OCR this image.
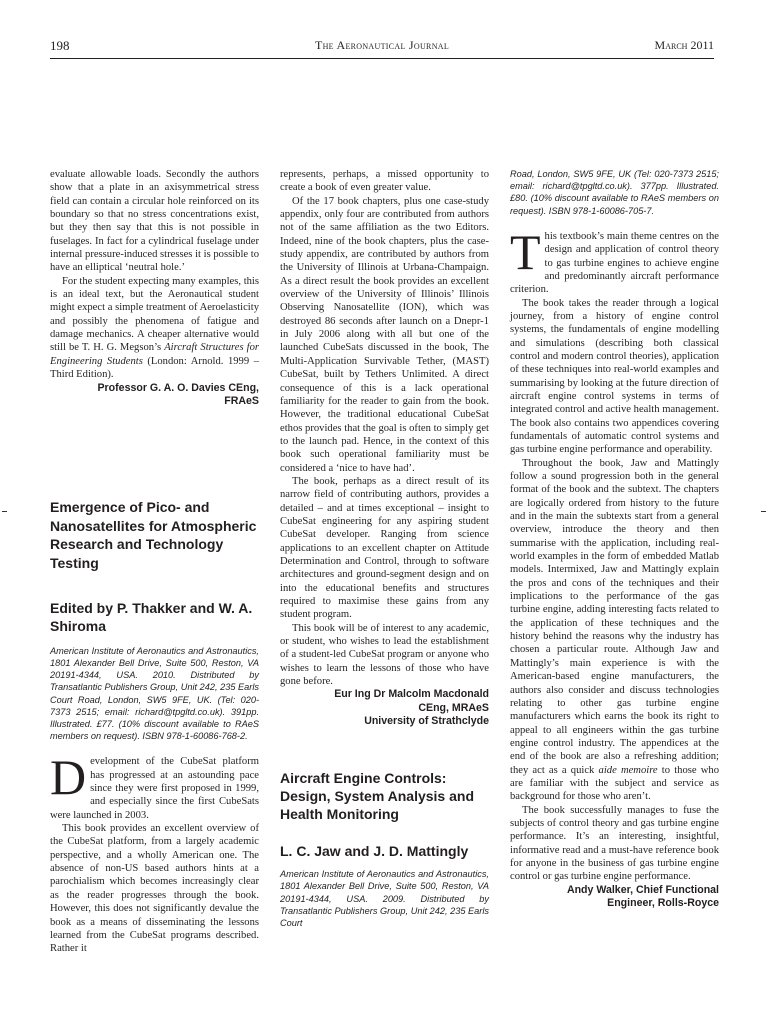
198	The Aeronautical Journal	March 2011

evaluate allowable loads. Secondly the authors show that a plate in an axisymmetrical stress field can contain a circular hole reinforced on its boundary so that no stress concentrations exist, but they then say that this is not possible in fuselages. In fact for a cylindrical fuselage under internal pressure-induced stresses it is possible to have an elliptical ‘neutral hole.’

For the student expecting many examples, this is an ideal text, but the Aeronautical student might expect a simple treatment of Aeroelasticity and possibly the phenomena of fatigue and damage mechanics. A cheaper alternative would still be T. H. G. Megson’s Aircraft Structures for Engineering Students (London: Arnold. 1999 – Third Edition).

Professor G. A. O. Davies CEng,
FRAeS

Emergence of Pico- and Nanosatellites for Atmospheric Research and Technology Testing
Edited by P. Thakker and W. A. Shiroma

American Institute of Aeronautics and Astronautics, 1801 Alexander Bell Drive, Suite 500, Reston, VA 20191-4344, USA. 2010. Distributed by Transatlantic Publishers Group, Unit 242, 235 Earls Court Road, London, SW5 9FE, UK. (Tel: 020-7373 2515; email: richard@tpgltd.co.uk). 391pp. Illustrated. £77. (10% discount available to RAeS members on request). ISBN 978-1-60086-768-2.

Development of the CubeSat platform has progressed at an astounding pace since they were first proposed in 1999, and especially since the first CubeSats were launched in 2003.

This book provides an excellent overview of the CubeSat platform, from a largely academic perspective, and a wholly American one. The absence of non-US based authors hints at a parochialism which becomes increasingly clear as the reader progresses through the book. However, this does not significantly devalue the book as a means of disseminating the lessons learned from the CubeSat programs described. Rather it

represents, perhaps, a missed opportunity to create a book of even greater value.

Of the 17 book chapters, plus one case-study appendix, only four are contributed from authors not of the same affiliation as the two Editors. Indeed, nine of the book chapters, plus the case-study appendix, are contributed by authors from the University of Illinois at Urbana-Champaign. As a direct result the book provides an excellent overview of the University of Illinois’ Illinois Observing Nanosatellite (ION), which was destroyed 86 seconds after launch on a Dnepr-1 in July 2006 along with all but one of the launched CubeSats discussed in the book, The Multi-Application Survivable Tether, (MAST) CubeSat, built by Tethers Unlimited. A direct consequence of this is a lack operational familiarity for the reader to gain from the book. However, the traditional educational CubeSat ethos provides that the goal is often to simply get to the launch pad. Hence, in the context of this book such operational familiarity must be considered a ‘nice to have had’.

The book, perhaps as a direct result of its narrow field of contributing authors, provides a detailed – and at times exceptional – insight to CubeSat engineering for any aspiring student CubeSat developer. Ranging from science applications to an excellent chapter on Attitude Determination and Control, through to software architectures and ground-segment design and on into the educational benefits and structures required to maximise these gains from any student program.

This book will be of interest to any academic, or student, who wishes to lead the establishment of a student-led CubeSat program or anyone who wishes to learn the lessons of those who have gone before.

Eur Ing Dr Malcolm Macdonald
CEng, MRAeS
University of Strathclyde

Aircraft Engine Controls: Design, System Analysis and Health Monitoring
L. C. Jaw and J. D. Mattingly

American Institute of Aeronautics and Astronautics, 1801 Alexander Bell Drive, Suite 500, Reston, VA 20191-4344, USA. 2009. Distributed by Transatlantic Publishers Group, Unit 242, 235 Earls Court

Road, London, SW5 9FE, UK (Tel: 020-7373 2515; email: richard@tpgltd.co.uk). 377pp. Illustrated. £80. (10% discount available to RAeS members on request). ISBN 978-1-60086-705-7.

This textbook’s main theme centres on the design and application of control theory to gas turbine engines to achieve engine and predominantly aircraft performance criterion.

The book takes the reader through a logical journey, from a history of engine control systems, the fundamentals of engine modelling and simulations (describing both classical control and modern control theories), application of these techniques into real-world examples and summarising by looking at the future direction of aircraft engine control systems in terms of integrated control and active health management. The book also contains two appendices covering fundamentals of automatic control systems and gas turbine engine performance and operability.

Throughout the book, Jaw and Mattingly follow a sound progression both in the general format of the book and the subtext. The chapters are logically ordered from history to the future and in the main the subtexts start from a general overview, introduce the theory and then summarise with the application, including real-world examples in the form of embedded Matlab models. Intermixed, Jaw and Mattingly explain the pros and cons of the techniques and their implications to the performance of the gas turbine engine, adding interesting facts related to the application of these techniques and the history behind the reasons why the industry has chosen a particular route. Although Jaw and Mattingly’s main experience is with the American-based engine manufacturers, the authors also consider and discuss technologies relating to other gas turbine engine manufacturers which earns the book its right to appeal to all engineers within the gas turbine engine control industry. The appendices at the end of the book are also a refreshing addition; they act as a quick aide memoire to those who are familiar with the subject and service as background for those who aren’t.

The book successfully manages to fuse the subjects of control theory and gas turbine engine performance. It’s an interesting, insightful, informative read and a must-have reference book for anyone in the business of gas turbine engine control or gas turbine engine performance.

Andy Walker, Chief Functional
Engineer, Rolls-Royce
